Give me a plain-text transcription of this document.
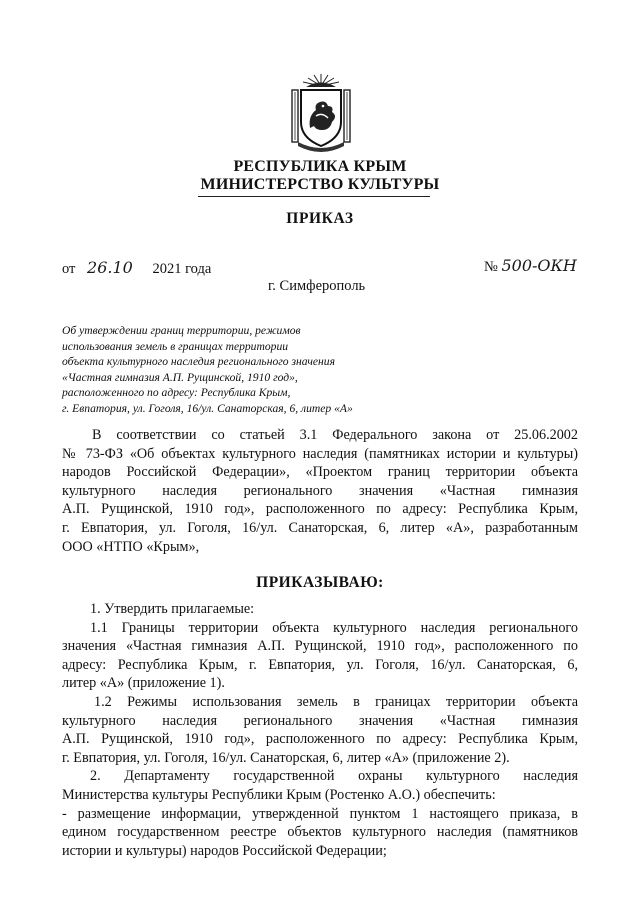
РЕСПУБЛИКА КРЫМ
МИНИСТЕРСТВО КУЛЬТУРЫ
ПРИКАЗ
от 26.10 2021 года	№ 500-ОКН
г. Симферополь
Об утверждении границ территории, режимов
использования земель в границах территории
объекта культурного наследия регионального значения
«Частная гимназия А.П. Рущинской, 1910 год»,
расположенного по адресу: Республика Крым,
г. Евпатория, ул. Гоголя, 16/ул. Санаторская, 6, литер «А»
В соответствии со статьей 3.1 Федерального закона от 25.06.2002
№ 73-ФЗ «Об объектах культурного наследия (памятниках истории и культуры)
народов Российской Федерации», «Проектом границ территории объекта
культурного наследия регионального значения «Частная гимназия
А.П. Рущинской, 1910 год», расположенного по адресу: Республика Крым,
г. Евпатория, ул. Гоголя, 16/ул. Санаторская, 6, литер «А», разработанным
ООО «НТПО «Крым»,
ПРИКАЗЫВАЮ:
1. Утвердить прилагаемые:
1.1 Границы территории объекта культурного наследия регионального
значения «Частная гимназия А.П. Рущинской, 1910 год», расположенного по
адресу: Республика Крым, г. Евпатория, ул. Гоголя, 16/ул. Санаторская, 6,
литер «А» (приложение 1).
1.2 Режимы использования земель в границах территории объекта
культурного наследия регионального значения «Частная гимназия
А.П. Рущинской, 1910 год», расположенного по адресу: Республика Крым,
г. Евпатория, ул. Гоголя, 16/ул. Санаторская, 6, литер «А» (приложение 2).
2. Департаменту государственной охраны культурного наследия
Министерства культуры Республики Крым (Ростенко А.О.) обеспечить:
- размещение информации, утвержденной пунктом 1 настоящего приказа, в
едином государственном реестре объектов культурного наследия (памятников
истории и культуры) народов Российской Федерации;
